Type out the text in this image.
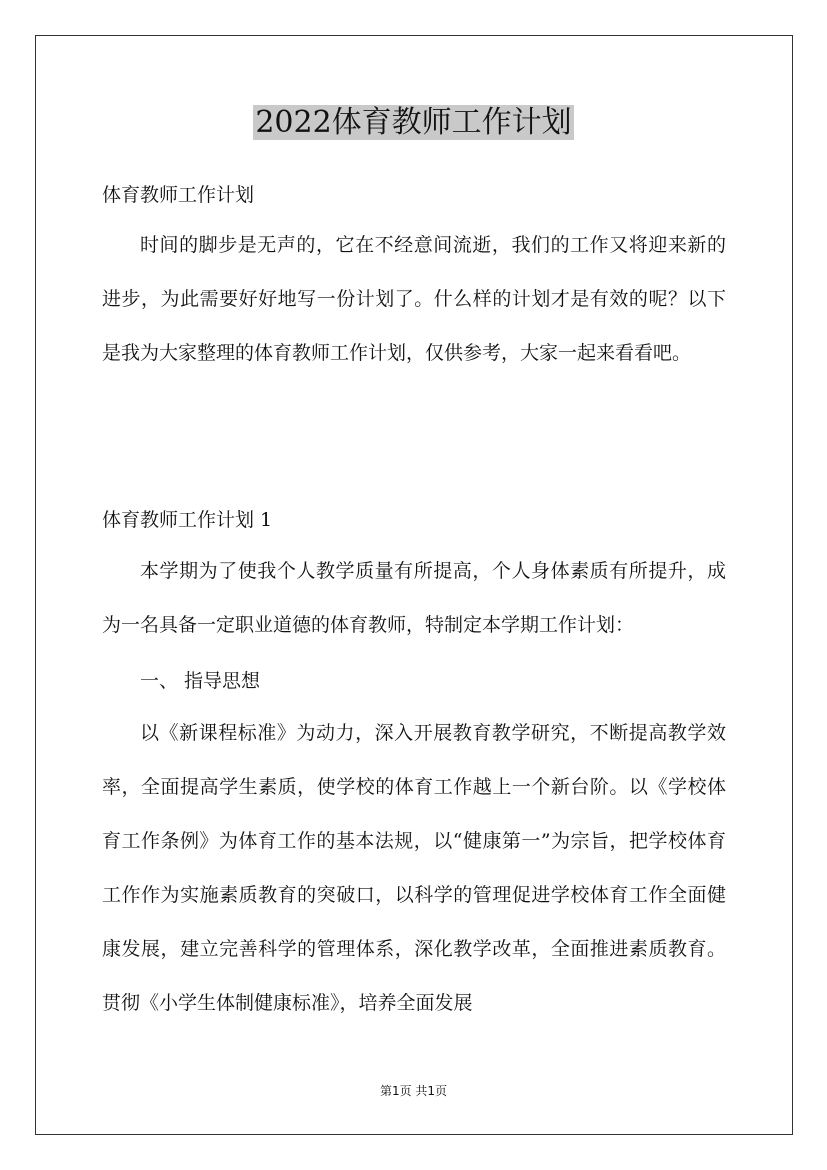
2022体育教师工作计划

体育教师工作计划

时间的脚步是无声的，它在不经意间流逝，我们的工作又将迎来新的进步，为此需要好好地写一份计划了。什么样的计划才是有效的呢？以下是我为大家整理的体育教师工作计划，仅供参考，大家一起来看看吧。

体育教师工作计划 1

本学期为了使我个人教学质量有所提高，个人身体素质有所提升，成为一名具备一定职业道德的体育教师，特制定本学期工作计划：

一、 指导思想

以《新课程标准》为动力，深入开展教育教学研究，不断提高教学效率，全面提高学生素质，使学校的体育工作越上一个新台阶。以《学校体育工作条例》为体育工作的基本法规，以“健康第一”为宗旨，把学校体育工作作为实施素质教育的突破口，以科学的管理促进学校体育工作全面健康发展，建立完善科学的管理体系，深化教学改革，全面推进素质教育。贯彻《小学生体制健康标准》，培养全面发展

第1页 共1页
